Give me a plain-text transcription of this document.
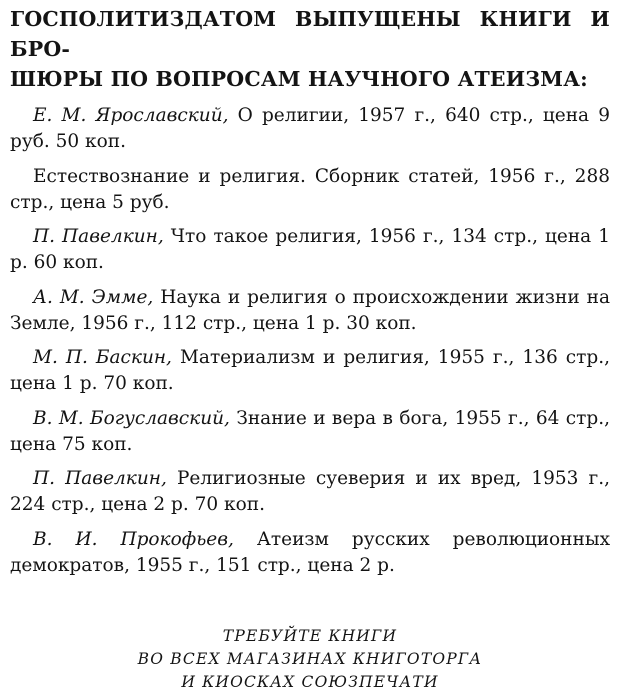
ГОСПОЛИТИЗДАТОМ ВЫПУЩЕНЫ КНИГИ И БРО-
ШЮРЫ ПО ВОПРОСАМ НАУЧНОГО АТЕИЗМА:

Е. М. Ярославский, О религии, 1957 г., 640 стр., цена 9 руб. 50 коп.

Естествознание и религия. Сборник статей, 1956 г., 288 стр., цена 5 руб.

П. Павелкин, Что такое религия, 1956 г., 134 стр., цена 1 р. 60 коп.

А. М. Эмме, Наука и религия о происхождении жизни на Земле, 1956 г., 112 стр., цена 1 р. 30 коп.

М. П. Баскин, Материализм и религия, 1955 г., 136 стр., цена 1 р. 70 коп.

В. М. Богуславский, Знание и вера в бога, 1955 г., 64 стр., цена 75 коп.

П. Павелкин, Религиозные суеверия и их вред, 1953 г., 224 стр., цена 2 р. 70 коп.

В. И. Прокофьев, Атеизм русских революционных демократов, 1955 г., 151 стр., цена 2 р.

ТРЕБУЙТЕ КНИГИ
ВО ВСЕХ МАГАЗИНАХ КНИГОТОРГА
И КИОСКАХ СОЮЗПЕЧАТИ
